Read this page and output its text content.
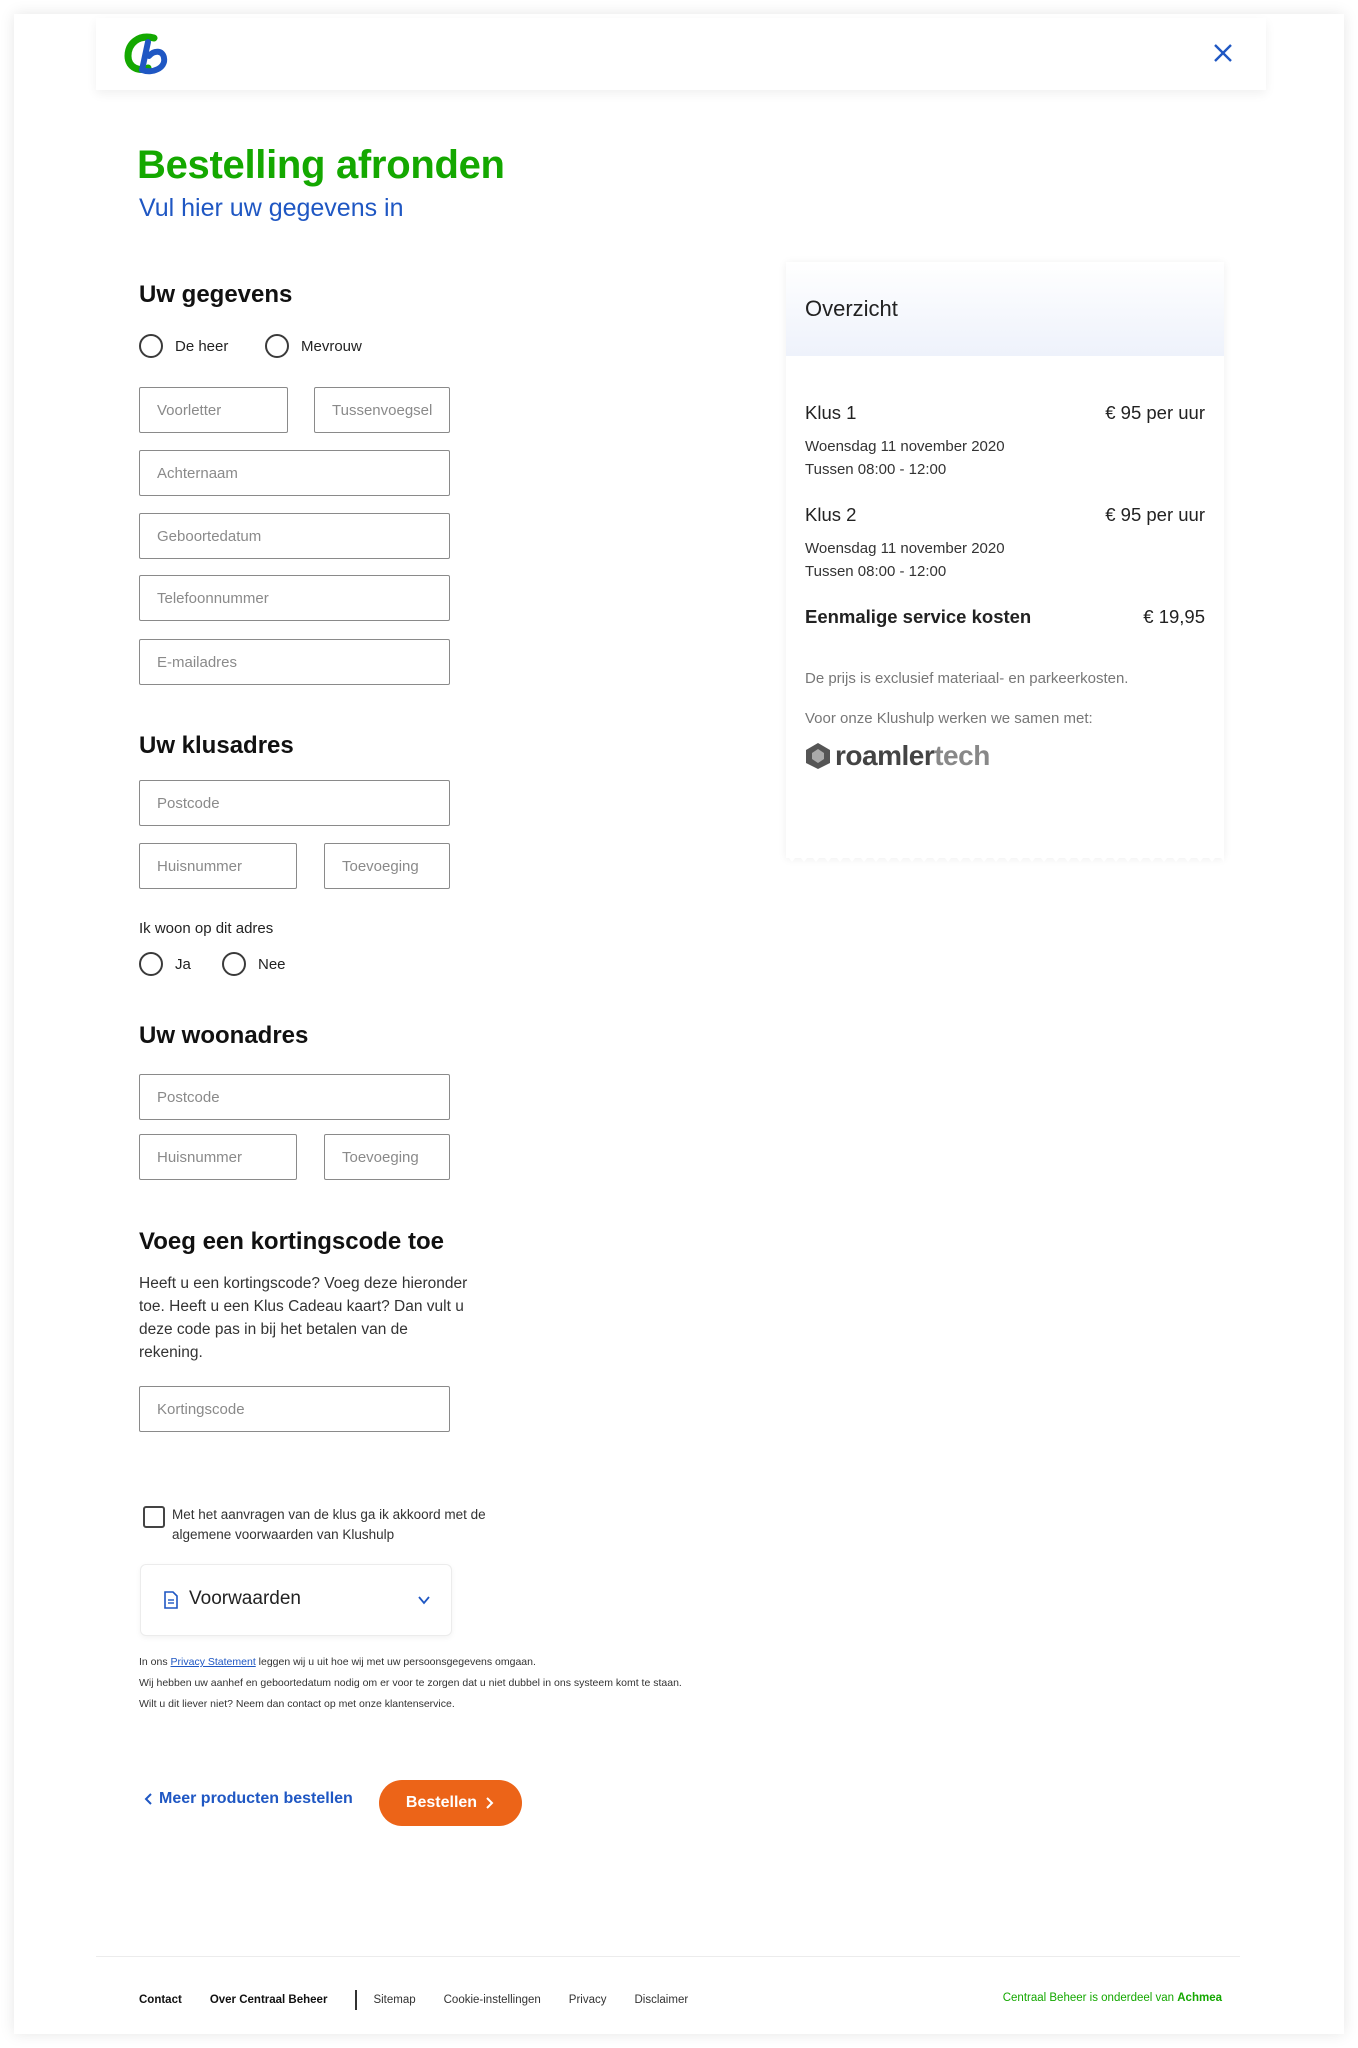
Bestelling afronden
Vul hier uw gegevens in
Uw gegevens
De heer	Mevrouw
Voorletter
Tussenvoegsel
Achternaam
Geboortedatum
Telefoonnummer
E-mailadres
Uw klusadres
Postcode
Huisnummer
Toevoeging
Ik woon op dit adres
Ja	Nee
Uw woonadres
Postcode
Huisnummer
Toevoeging
Voeg een kortingscode toe
Heeft u een kortingscode? Voeg deze hieronder toe. Heeft u een Klus Cadeau kaart? Dan vult u deze code pas in bij het betalen van de rekening.
Kortingscode
Met het aanvragen van de klus ga ik akkoord met de algemene voorwaarden van Klushulp
Voorwaarden
In ons Privacy Statement leggen wij u uit hoe wij met uw persoonsgegevens omgaan.
Wij hebben uw aanhef en geboortedatum nodig om er voor te zorgen dat u niet dubbel in ons systeem komt te staan.
Wilt u dit liever niet? Neem dan contact op met onze klantenservice.
Meer producten bestellen	Bestellen
Overzicht
Klus 1	€ 95 per uur
Woensdag 11 november 2020
Tussen 08:00 - 12:00
Klus 2	€ 95 per uur
Woensdag 11 november 2020
Tussen 08:00 - 12:00
Eenmalige service kosten	€ 19,95
De prijs is exclusief materiaal- en parkeerkosten.
Voor onze Klushulp werken we samen met:
roamler tech
Contact Over Centraal Beheer	Sitemap Cookie-instellingen Privacy Disclaimer	Centraal Beheer is onderdeel van Achmea
